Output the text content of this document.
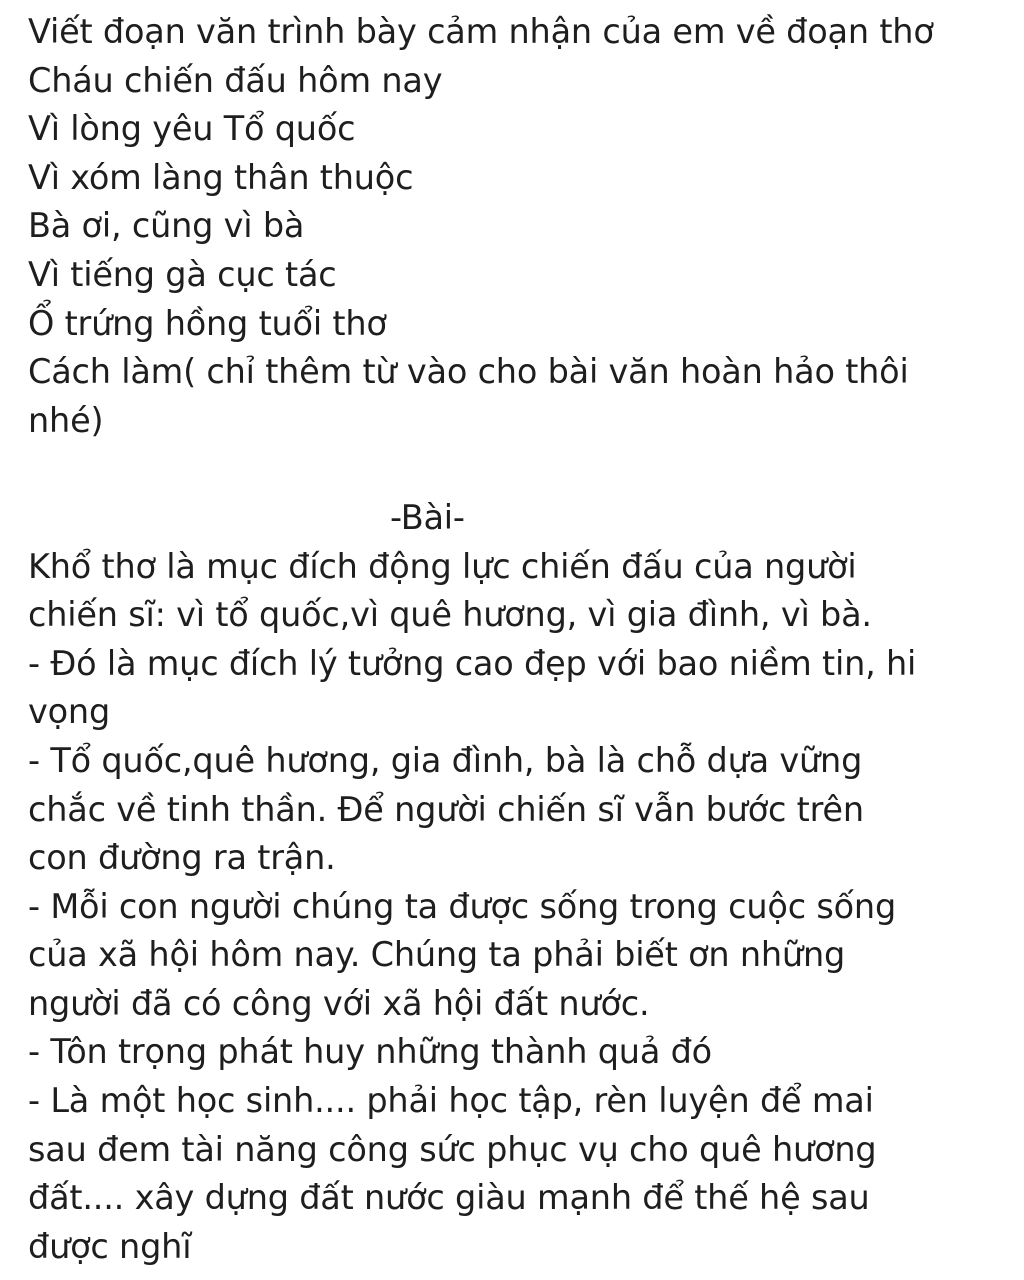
Viết đoạn văn trình bày cảm nhận của em về đoạn thơ
Cháu chiến đấu hôm nay
Vì lòng yêu Tổ quốc
Vì xóm làng thân thuộc
Bà ơi, cũng vì bà
Vì tiếng gà cục tác
Ổ trứng hồng tuổi thơ
Cách làm( chỉ thêm từ vào cho bài văn hoàn hảo thôi
nhé)
-Bài-
Khổ thơ là mục đích động lực chiến đấu của người
chiến sĩ: vì tổ quốc,vì quê hương, vì gia đình, vì bà.
- Đó là mục đích lý tưởng cao đẹp với bao niềm tin, hi
vọng
- Tổ quốc,quê hương, gia đình, bà là chỗ dựa vững
chắc về tinh thần. Để người chiến sĩ vẫn bước trên
con đường ra trận.
- Mỗi con người chúng ta được sống trong cuộc sống
của xã hội hôm nay. Chúng ta phải biết ơn những
người đã có công với xã hội đất nước.
- Tôn trọng phát huy những thành quả đó
- Là một học sinh.... phải học tập, rèn luyện để mai
sau đem tài năng công sức phục vụ cho quê hương
đất.... xây dựng đất nước giàu mạnh để thế hệ sau
được nghĩ
